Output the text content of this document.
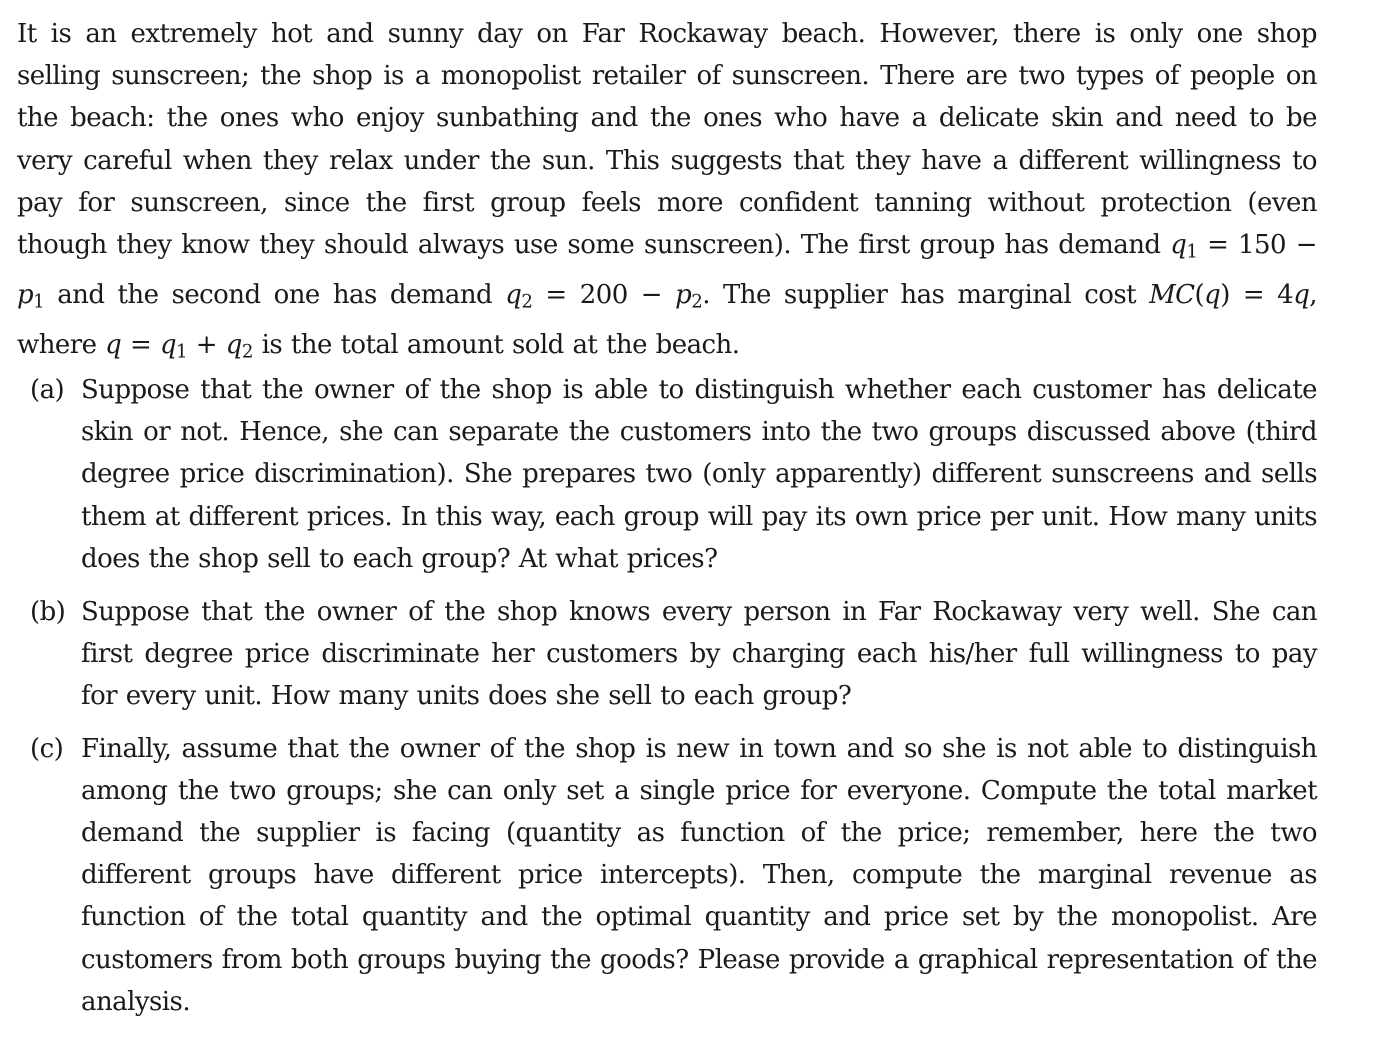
It is an extremely hot and sunny day on Far Rockaway beach. However, there is only one shop selling sunscreen; the shop is a monopolist retailer of sunscreen. There are two types of people on the beach: the ones who enjoy sunbathing and the ones who have a delicate skin and need to be very careful when they relax under the sun. This suggests that they have a different willingness to pay for sunscreen, since the first group feels more confident tanning without protection (even though they know they should always use some sunscreen). The first group has demand $q_1 = 150 - p_1$ and the second one has demand $q_2 = 200 - p_2$. The supplier has marginal cost MC(q) = 4q, where $q = q_1 + q_2$ is the total amount sold at the beach.

(a) Suppose that the owner of the shop is able to distinguish whether each customer has delicate skin or not. Hence, she can separate the customers into the two groups discussed above (third degree price discrimination). She prepares two (only apparently) different sunscreens and sells them at different prices. In this way, each group will pay its own price per unit. How many units does the shop sell to each group? At what prices?

(b) Suppose that the owner of the shop knows every person in Far Rockaway very well. She can first degree price discriminate her customers by charging each his/her full willingness to pay for every unit. How many units does she sell to each group?

(c) Finally, assume that the owner of the shop is new in town and so she is not able to distinguish among the two groups; she can only set a single price for everyone. Compute the total market demand the supplier is facing (quantity as function of the price; remember, here the two different groups have different price intercepts). Then, compute the marginal revenue as function of the total quantity and the optimal quantity and price set by the monopolist. Are customers from both groups buying the goods? Please provide a graphical representation of the analysis.
